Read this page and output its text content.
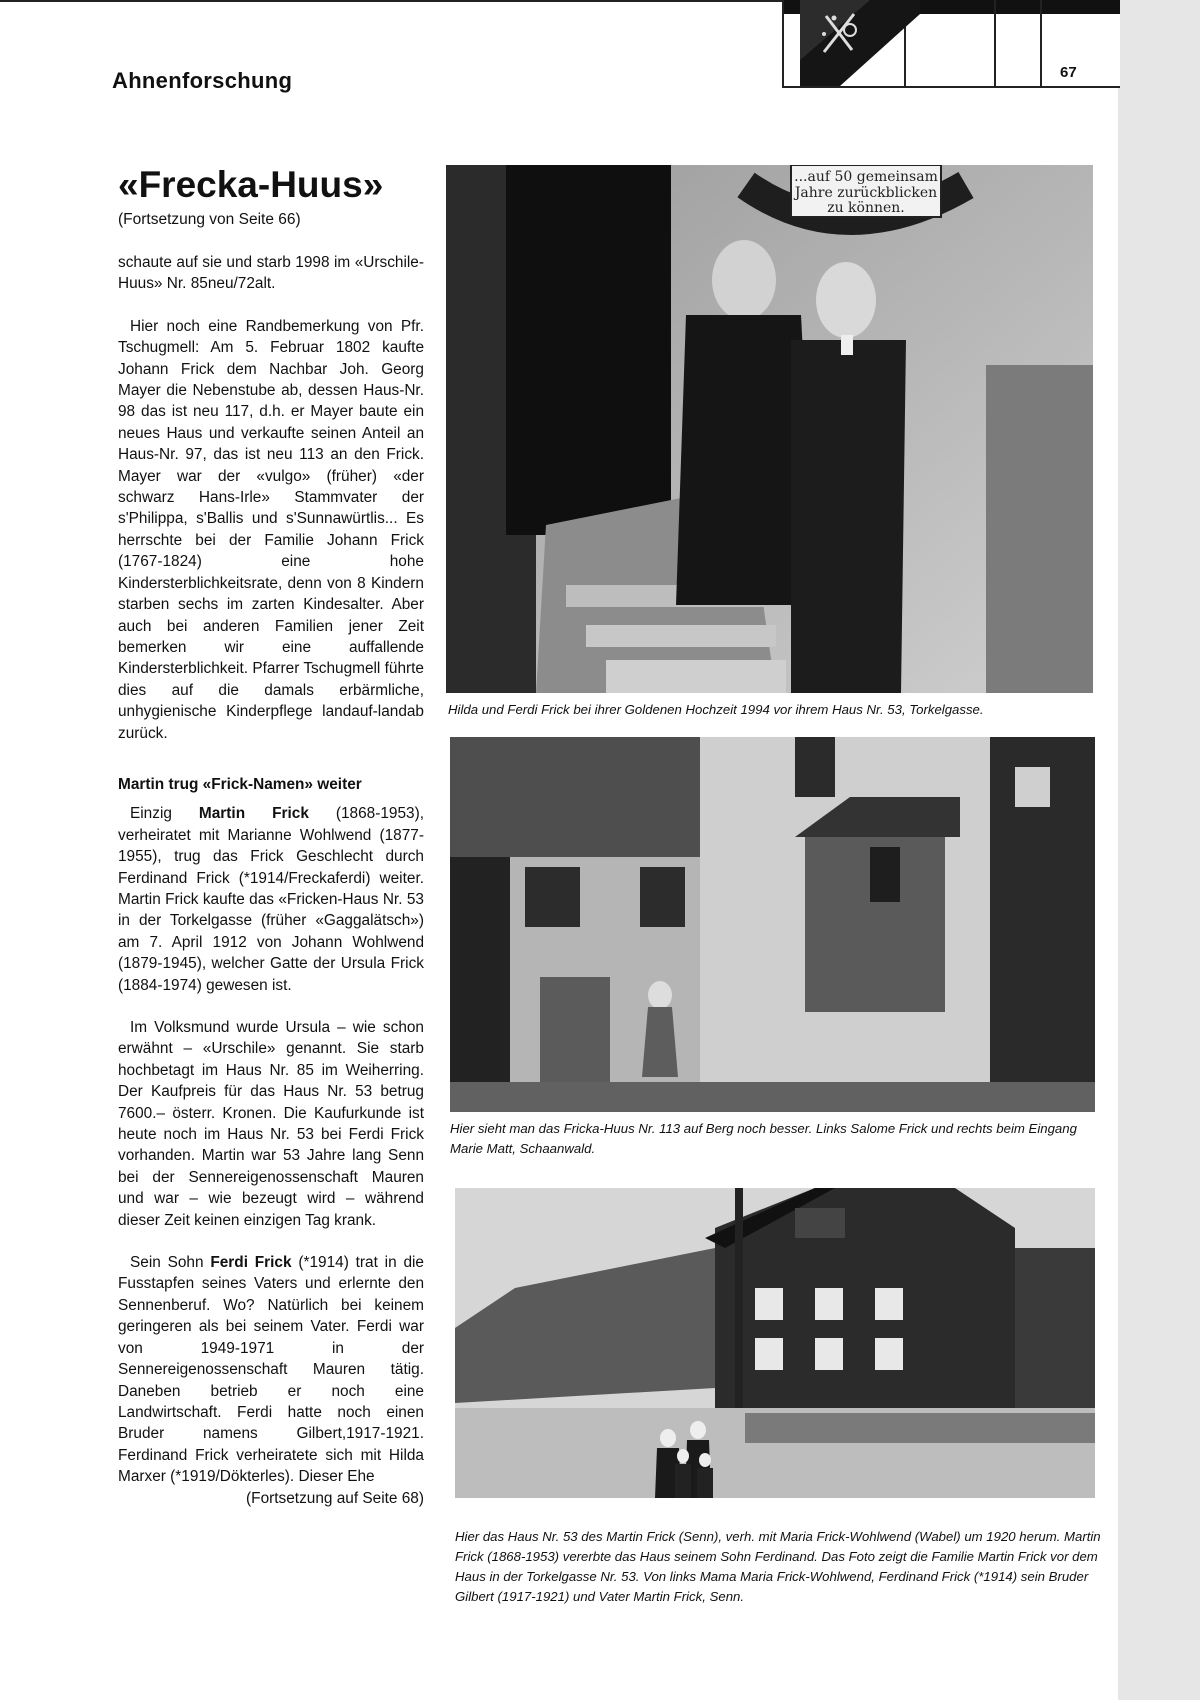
67
Ahnenforschung
«Frecka-Huus»
(Fortsetzung von Seite 66)

schaute auf sie und starb 1998 im «Urschile-Huus» Nr. 85neu/72alt.

Hier noch eine Randbemerkung von Pfr. Tschugmell: Am 5. Februar 1802 kaufte Johann Frick dem Nachbar Joh. Georg Mayer die Nebenstube ab, dessen Haus-Nr. 98 das ist neu 117, d.h. er Mayer baute ein neues Haus und verkaufte seinen Anteil an Haus-Nr. 97, das ist neu 113 an den Frick. Mayer war der «vulgo» (früher) «der schwarz Hans-Irle» Stammvater der s'Philippa, s'Ballis und s'Sunnawürtlis... Es herrschte bei der Familie Johann Frick (1767-1824) eine hohe Kindersterblichkeitsrate, denn von 8 Kindern starben sechs im zarten Kindesalter. Aber auch bei anderen Familien jener Zeit bemerken wir eine auffallende Kindersterblichkeit. Pfarrer Tschugmell führte dies auf die damals erbärmliche, unhygienische Kinderpflege landauf-landab zurück.

Martin trug «Frick-Namen» weiter

Einzig Martin Frick (1868-1953), verheiratet mit Marianne Wohlwend (1877-1955), trug das Frick Geschlecht durch Ferdinand Frick (*1914/Freckaferdi) weiter. Martin Frick kaufte das «Fricken-Haus Nr. 53 in der Torkelgasse (früher «Gaggalätsch») am 7. April 1912 von Johann Wohlwend (1879-1945), welcher Gatte der Ursula Frick (1884-1974) gewesen ist.

Im Volksmund wurde Ursula – wie schon erwähnt – «Urschile» genannt. Sie starb hochbetagt im Haus Nr. 85 im Weiherring. Der Kaufpreis für das Haus Nr. 53 betrug 7600.– österr. Kronen. Die Kaufurkunde ist heute noch im Haus Nr. 53 bei Ferdi Frick vorhanden. Martin war 53 Jahre lang Senn bei der Sennereigenossenschaft Mauren und war – wie bezeugt wird – während dieser Zeit keinen einzigen Tag krank.

Sein Sohn Ferdi Frick (*1914) trat in die Fusstapfen seines Vaters und erlernte den Sennenberuf. Wo? Natürlich bei keinem geringeren als bei seinem Vater. Ferdi war von 1949-1971 in der Sennereigenossenschaft Mauren tätig. Daneben betrieb er noch eine Landwirtschaft. Ferdi hatte noch einen Bruder namens Gilbert,1917-1921. Ferdinand Frick verheiratete sich mit Hilda Marxer (*1919/Dökterles). Dieser Ehe

(Fortsetzung auf Seite 68)

...auf 50 gemeinsam
Jahre zurückblicken
zu können.
Hilda und Ferdi Frick bei ihrer Goldenen Hochzeit 1994 vor ihrem Haus Nr. 53, Torkelgasse.
Hier sieht man das Fricka-Huus Nr. 113 auf Berg noch besser. Links Salome Frick und rechts beim Eingang Marie Matt, Schaanwald.
Hier das Haus Nr. 53 des Martin Frick (Senn), verh. mit Maria Frick-Wohlwend (Wabel) um 1920 herum. Martin Frick (1868-1953) vererbte das Haus seinem Sohn Ferdinand. Das Foto zeigt die Familie Martin Frick vor dem Haus in der Torkelgasse Nr. 53. Von links Mama Maria Frick-Wohlwend, Ferdinand Frick (*1914) sein Bruder Gilbert (1917-1921) und Vater Martin Frick, Senn.
